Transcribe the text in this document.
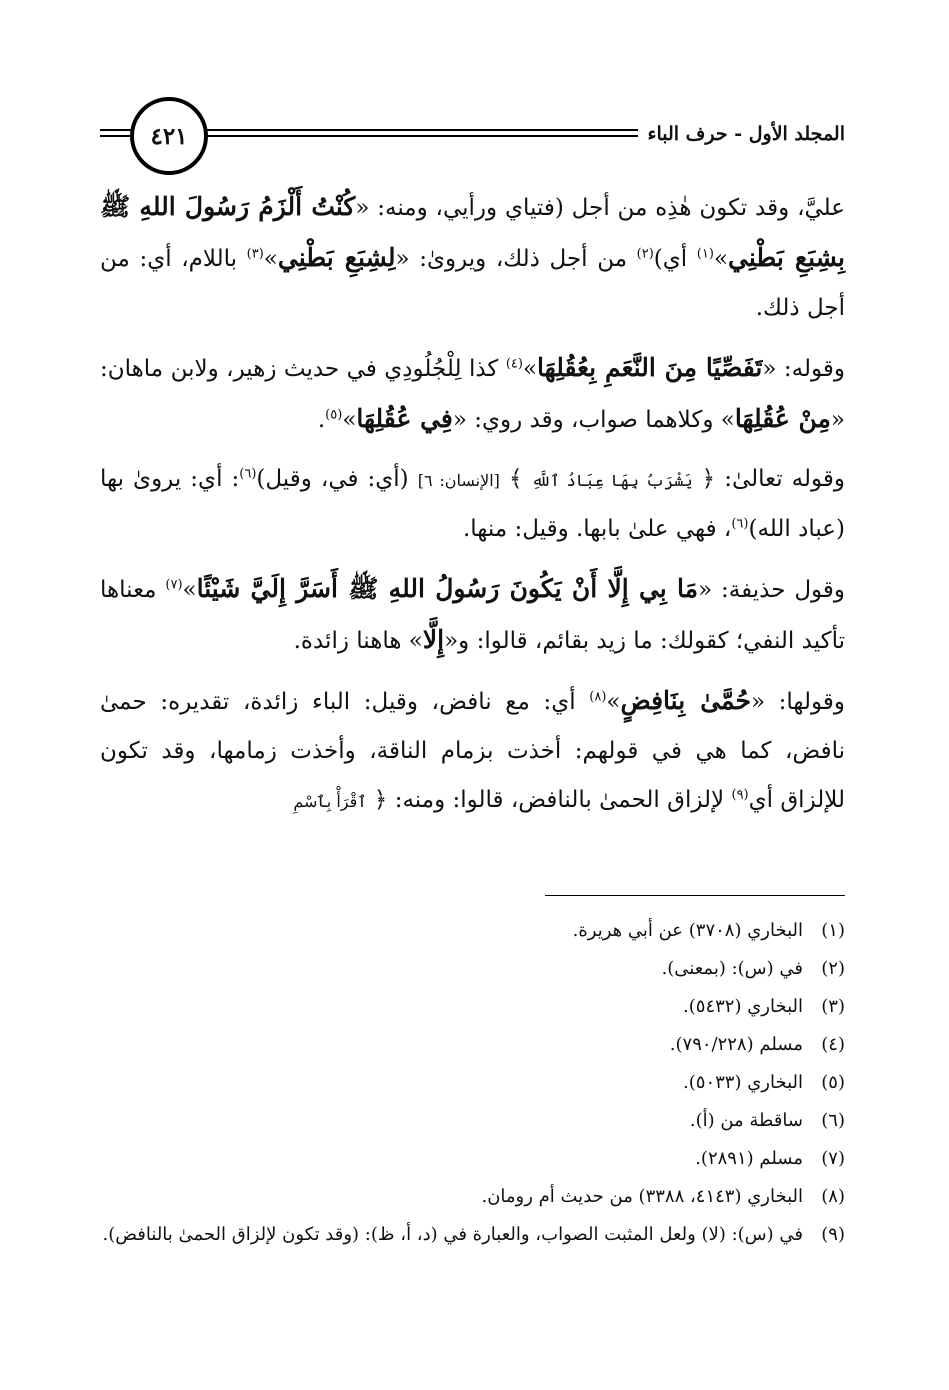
المجلد الأول - حرف الباء
٤٢١

عليَّ، وقد تكون هٰذِه من أجل (فتياي ورأيي، ومنه: «كُنْتُ أَلْزَمُ رَسُولَ اللهِ ﷺ بِشِبَعِ بَطْنِي»$^{(١)}$ أي)$^{(٢)}$ من أجل ذلك، ويروىٰ: «لِشِبَعِ بَطْنِي»$^{(٣)}$ باللام، أي: من أجل ذلك.

وقوله: «تَفَصِّيًا مِنَ النَّعَمِ بِعُقُلِهَا»$^{(٤)}$ كذا لِلْجُلُودِي في حديث زهير، ولابن ماهان: «مِنْ عُقُلِهَا» وكلاهما صواب، وقد روي: «فِي عُقُلِهَا»$^{(٥)}$.

وقوله تعالىٰ: ﴿ يَشْرَبُ بِهَا عِبَادُ ٱللَّهِ ﴾ [الإنسان: ٦] (أي: في، وقيل)$^{(٦)}$: أي: يروىٰ بها (عباد الله)$^{(٦)}$، فهي علىٰ بابها. وقيل: منها.

وقول حذيفة: «مَا بِي إِلَّا أَنْ يَكُونَ رَسُولُ اللهِ ﷺ أَسَرَّ إِلَيَّ شَيْئًا»$^{(٧)}$ معناها تأكيد النفي؛ كقولك: ما زيد بقائم، قالوا: و«إِلَّا» هاهنا زائدة.

وقولها: «حُمَّىٰ بِنَافِضٍ»$^{(٨)}$ أي: مع نافض، وقيل: الباء زائدة، تقديره: حمىٰ نافض، كما هي في قولهم: أخذت بزمام الناقة، وأخذت زمامها، وقد تكون للإلزاق أي$^{(٩)}$ لإلزاق الحمىٰ بالنافض، قالوا: ومنه: ﴿ ٱقْرَأْ بِٱسْمِ

(١)
البخاري (٣٧٠٨) عن أبي هريرة.
(٢)
في (س): (بمعنى).
(٣)
البخاري (٥٤٣٢).
(٤)
مسلم (٧٩٠/٢٢٨).
(٥)
البخاري (٥٠٣٣).
(٦)
ساقطة من (أ).
(٧)
مسلم (٢٨٩١).
(٨)
البخاري (٤١٤٣، ٣٣٨٨) من حديث أم رومان.
(٩)
في (س): (لا) ولعل المثبت الصواب، والعبارة في (د، أ، ظ): (وقد تكون لإلزاق الحمىٰ بالنافض).
